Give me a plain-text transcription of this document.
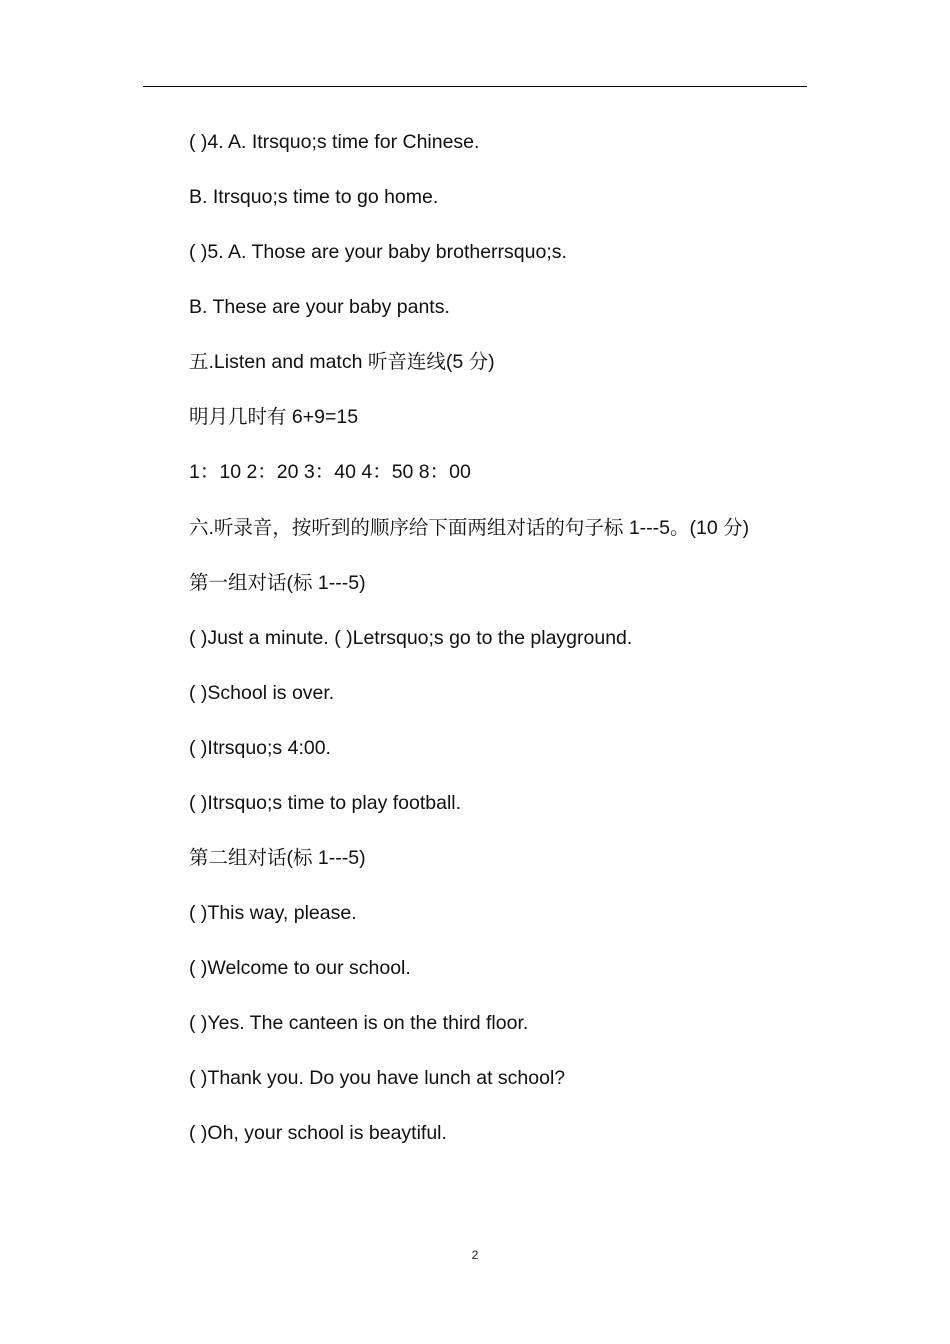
( )4. A. Itrsquo;s time for Chinese.
B. Itrsquo;s time to go home.
( )5. A. Those are your baby brotherrsquo;s.
B. These are your baby pants.
五.Listen and match 听音连线(5 分)
明月几时有 6+9=15
1：10 2：20 3：40 4：50 8：00
六.听录音，按听到的顺序给下面两组对话的句子标 1---5。(10 分)
第一组对话(标 1---5)
( )Just a minute. ( )Letrsquo;s go to the playground.
( )School is over.
( )Itrsquo;s 4:00.
( )Itrsquo;s time to play football.
第二组对话(标 1---5)
( )This way, please.
( )Welcome to our school.
( )Yes. The canteen is on the third floor.
( )Thank you. Do you have lunch at school?
( )Oh, your school is beaytiful.
2
